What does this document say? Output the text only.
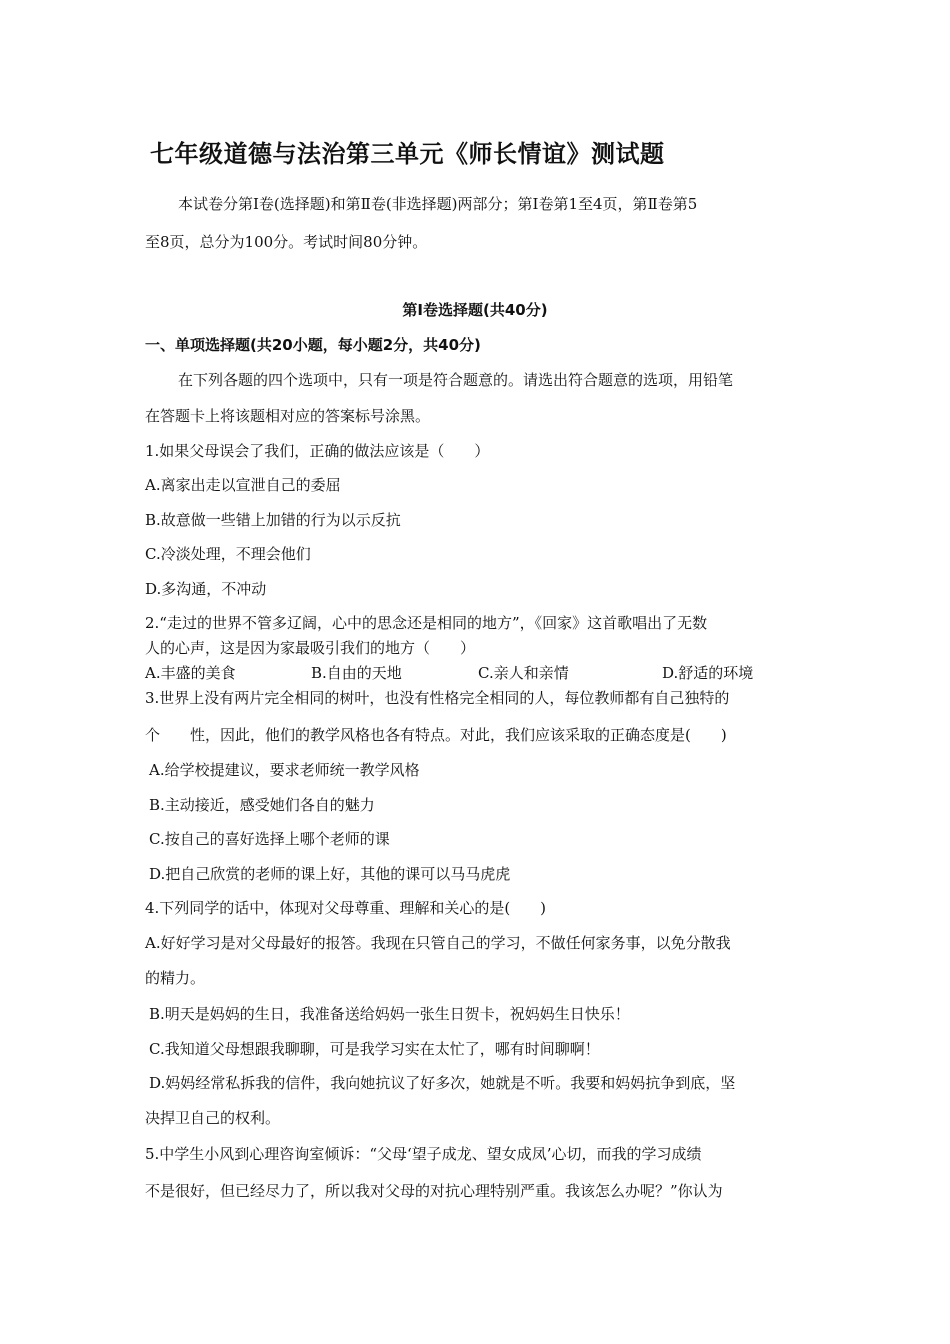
七年级道德与法治第三单元《师长情谊》测试题
本试卷分第Ⅰ卷(选择题)和第Ⅱ卷(非选择题)两部分；第Ⅰ卷第1至4页，第Ⅱ卷第5
至8页，总分为100分。考试时间80分钟。
第Ⅰ卷选择题(共40分)
一、单项选择题(共20小题，每小题2分，共40分)
在下列各题的四个选项中，只有一项是符合题意的。请选出符合题意的选项，用铅笔
在答题卡上将该题相对应的答案标号涂黑。
1.如果父母误会了我们，正确的做法应该是（　　）
A.离家出走以宣泄自己的委屈
B.故意做一些错上加错的行为以示反抗
C.冷淡处理，不理会他们
D.多沟通，不冲动
2.“走过的世界不管多辽阔，心中的思念还是相同的地方”，《回家》这首歌唱出了无数
人的心声，这是因为家最吸引我们的地方（　　）
A.丰盛的美食	B.自由的天地	C.亲人和亲情	D.舒适的环境
3.世界上没有两片完全相同的树叶，也没有性格完全相同的人，每位教师都有自己独特的
个　　性，因此，他们的教学风格也各有特点。对此，我们应该采取的正确态度是(　　)
A.给学校提建议，要求老师统一教学风格
B.主动接近，感受她们各自的魅力
C.按自己的喜好选择上哪个老师的课
D.把自己欣赏的老师的课上好，其他的课可以马马虎虎
4.下列同学的话中，体现对父母尊重、理解和关心的是(　　)
A.好好学习是对父母最好的报答。我现在只管自己的学习，不做任何家务事，以免分散我
的精力。
B.明天是妈妈的生日，我准备送给妈妈一张生日贺卡，祝妈妈生日快乐！
C.我知道父母想跟我聊聊，可是我学习实在太忙了，哪有时间聊啊！
D.妈妈经常私拆我的信件，我向她抗议了好多次，她就是不听。我要和妈妈抗争到底，坚
决捍卫自己的权利。
5.中学生小风到心理咨询室倾诉：“父母‘望子成龙、望女成凤’心切，而我的学习成绩
不是很好，但已经尽力了，所以我对父母的对抗心理特别严重。我该怎么办呢？”你认为
